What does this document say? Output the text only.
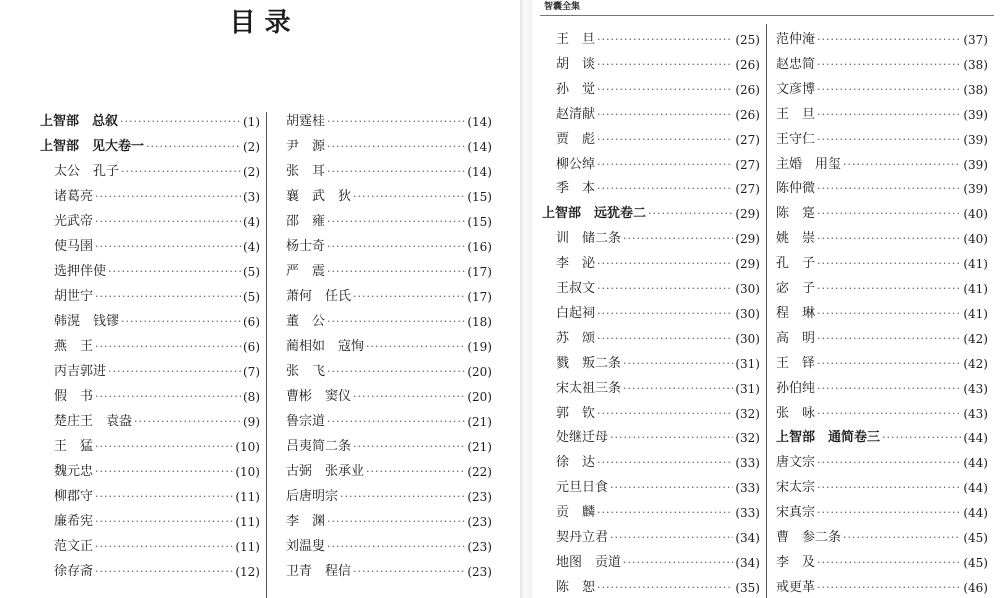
目 录
上智部　总叙 ·····	(1)
上智部　见大卷一 ·····	(2)
太公　孔子 ·····	(2)
诸葛亮 ·····	(3)
光武帝 ·····	(4)
使马圉 ·····	(4)
选押伴使 ·····	(5)
胡世宁 ·····	(5)
韩滉　钱镠 ·····	(6)
燕　王 ·····	(6)
丙吉郭进 ·····	(7)
假　书 ·····	(8)
楚庄王　袁盎 ·····	(9)
王　猛 ·····	(10)
魏元忠 ·····	(10)
柳郡守 ·····	(11)
廉希宪 ·····	(11)
范文正 ·····	(11)
徐存斋 ·····	(12)
胡霆桂 ·····	(14)
尹　源 ·····	(14)
张　耳 ·····	(14)
襄　武　狄 ·····	(15)
邵　雍 ·····	(15)
杨士奇 ·····	(16)
严　震 ·····	(17)
萧何　任氏 ·····	(17)
董　公 ·····	(18)
蔺相如　寇恂 ·····	(19)
张　飞 ·····	(20)
曹彬　窦仪 ·····	(20)
鲁宗道 ·····	(21)
吕夷简二条 ·····	(21)
古弼　张承业 ·····	(22)
后唐明宗 ·····	(23)
李　渊 ·····	(23)
刘温叟 ·····	(23)
卫青　程信 ·····	(23)
智囊全集
王　旦 ·····	(25)
胡　谈 ·····	(26)
孙　觉 ·····	(26)
赵清献 ·····	(26)
贾　彪 ·····	(27)
柳公绰 ·····	(27)
季　本 ·····	(27)
上智部　远犹卷二 ·····	(29)
训　储二条 ·····	(29)
李　泌 ·····	(29)
王叔文 ·····	(30)
白起祠 ·····	(30)
苏　颂 ·····	(30)
戮　叛二条 ·····	(31)
宋太祖三条 ·····	(31)
郭　钦 ·····	(32)
处继迁母 ·····	(32)
徐　达 ·····	(33)
元旦日食 ·····	(33)
贡　麟 ·····	(33)
契丹立君 ·····	(34)
地图　贡道 ·····	(34)
陈　恕 ·····	(35)
范仲淹 ·····	(37)
赵忠简 ·····	(38)
文彦博 ·····	(38)
王　旦 ·····	(39)
王守仁 ·····	(39)
主婚　用玺 ·····	(39)
陈仲微 ·····	(39)
陈　寔 ·····	(40)
姚　崇 ·····	(40)
孔　子 ·····	(41)
宓　子 ·····	(41)
程　琳 ·····	(41)
高　明 ·····	(42)
王　铎 ·····	(42)
孙伯纯 ·····	(43)
张　咏 ·····	(43)
上智部　通简卷三 ·····	(44)
唐文宗 ·····	(44)
宋太宗 ·····	(44)
宋真宗 ·····	(44)
曹　参二条 ·····	(45)
李　及 ·····	(45)
戒更革 ·····	(46)
